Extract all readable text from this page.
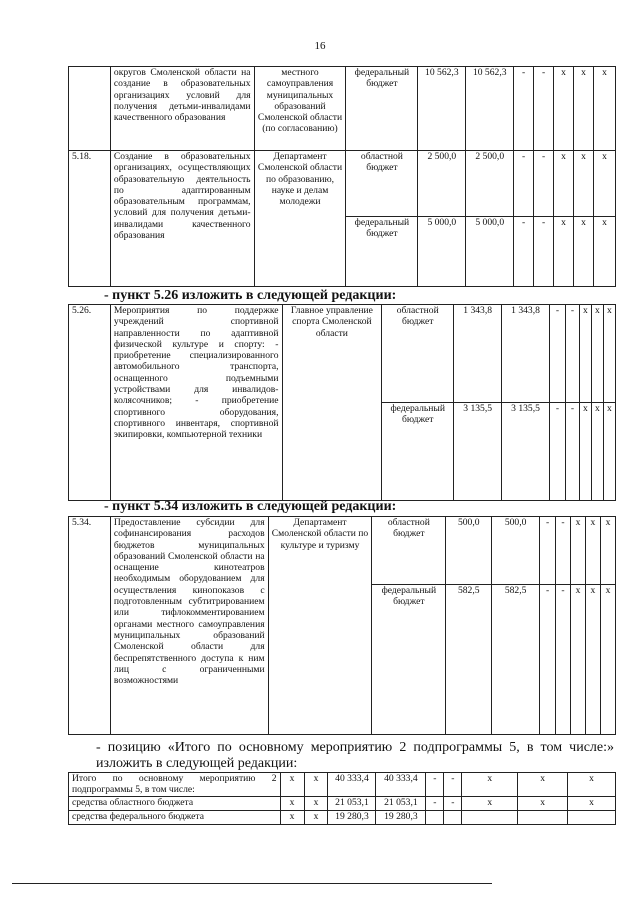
16
	округов Смоленской области на создание в образовательных организациях условий для получения детьми-инвалидами качественного образования	местного самоуправления муниципальных образований Смоленской области (по согласованию)	федеральный бюджет	10 562,3	10 562,3	-	-	x	x	x
5.18.	Создание в образовательных организациях, осуществляющих образовательную деятельность по адаптированным образовательным программам, условий для получения детьми-инвалидами качественного образования	Департамент Смоленской области по образованию, науке и делам молодежи	областной бюджет	2 500,0	2 500,0	-	-	x	x	x
			федеральный бюджет	5 000,0	5 000,0	-	-	x	x	x
- пункт 5.26 изложить в следующей редакции:
5.26.	Мероприятия по поддержке учреждений спортивной направленности по адаптивной физической культуре и спорту: - приобретение специализированного автомобильного транспорта, оснащенного подъемными устройствами для инвалидов- колясочников; - приобретение спортивного оборудования, спортивного инвентаря, спортивной экипировки, компьютерной техники	Главное управление спорта Смоленской области	областной бюджет	1 343,8	1 343,8	-	-	x	x	x
			федеральный бюджет	3 135,5	3 135,5	-	-	x	x	x
- пункт 5.34 изложить в следующей редакции:
5.34.	Предоставление субсидии для софинансирования расходов бюджетов муниципальных образований Смоленской области на оснащение кинотеатров необходимым оборудованием для осуществления кинопоказов с подготовленным субтитрированием или тифлокомментированием органами местного самоуправления муниципальных образований Смоленской области для беспрепятственного доступа к ним лиц с ограниченными возможностями	Департамент Смоленской области по культуре и туризму	областной бюджет	500,0	500,0	-	-	x	x	x
			федеральный бюджет	582,5	582,5	-	-	x	x	x
- позицию «Итого по основному мероприятию 2 подпрограммы 5, в том числе:» изложить в следующей редакции:
Итого по основному мероприятию 2 подпрограммы 5, в том числе:	x	x	40 333,4	40 333,4	-	-	x	x	x
средства областного бюджета	x	x	21 053,1	21 053,1	-	-	x	x	x
средства федерального бюджета	x	x	19 280,3	19 280,3					
